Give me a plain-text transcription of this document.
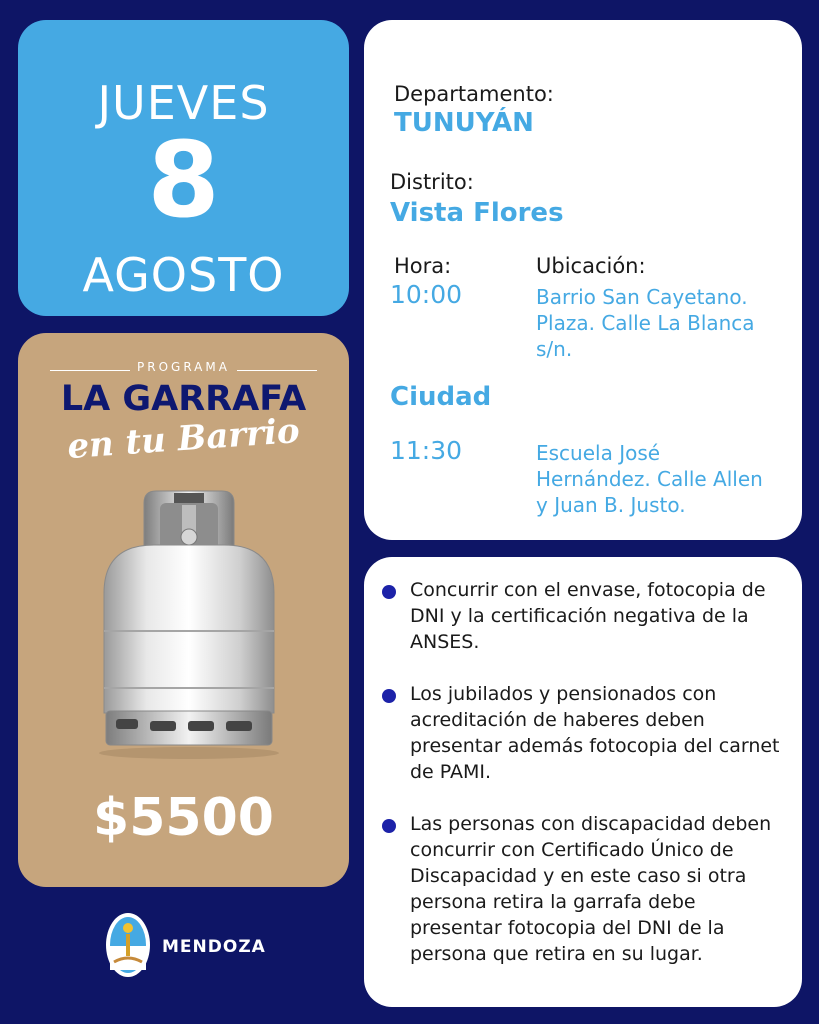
JUEVES
8
AGOSTO
PROGRAMA
LA GARRAFA
en tu Barrio
$5500
MENDOZA
Departamento:
TUNUYÁN
Distrito:
Vista Flores
Hora:	Ubicación:
10:00	Barrio San Cayetano. Plaza. Calle La Blanca s/n.
Ciudad
11:30	Escuela José Hernández. Calle Allen y Juan B. Justo.
Concurrir con el envase, fotocopia de DNI y la certificación negativa de la ANSES.
Los jubilados y pensionados con acreditación de haberes deben presentar además fotocopia del carnet de PAMI.
Las personas con discapacidad deben concurrir con Certificado Único de Discapacidad y en este caso si otra persona retira la garrafa debe presentar fotocopia del DNI de la persona que retira en su lugar.
